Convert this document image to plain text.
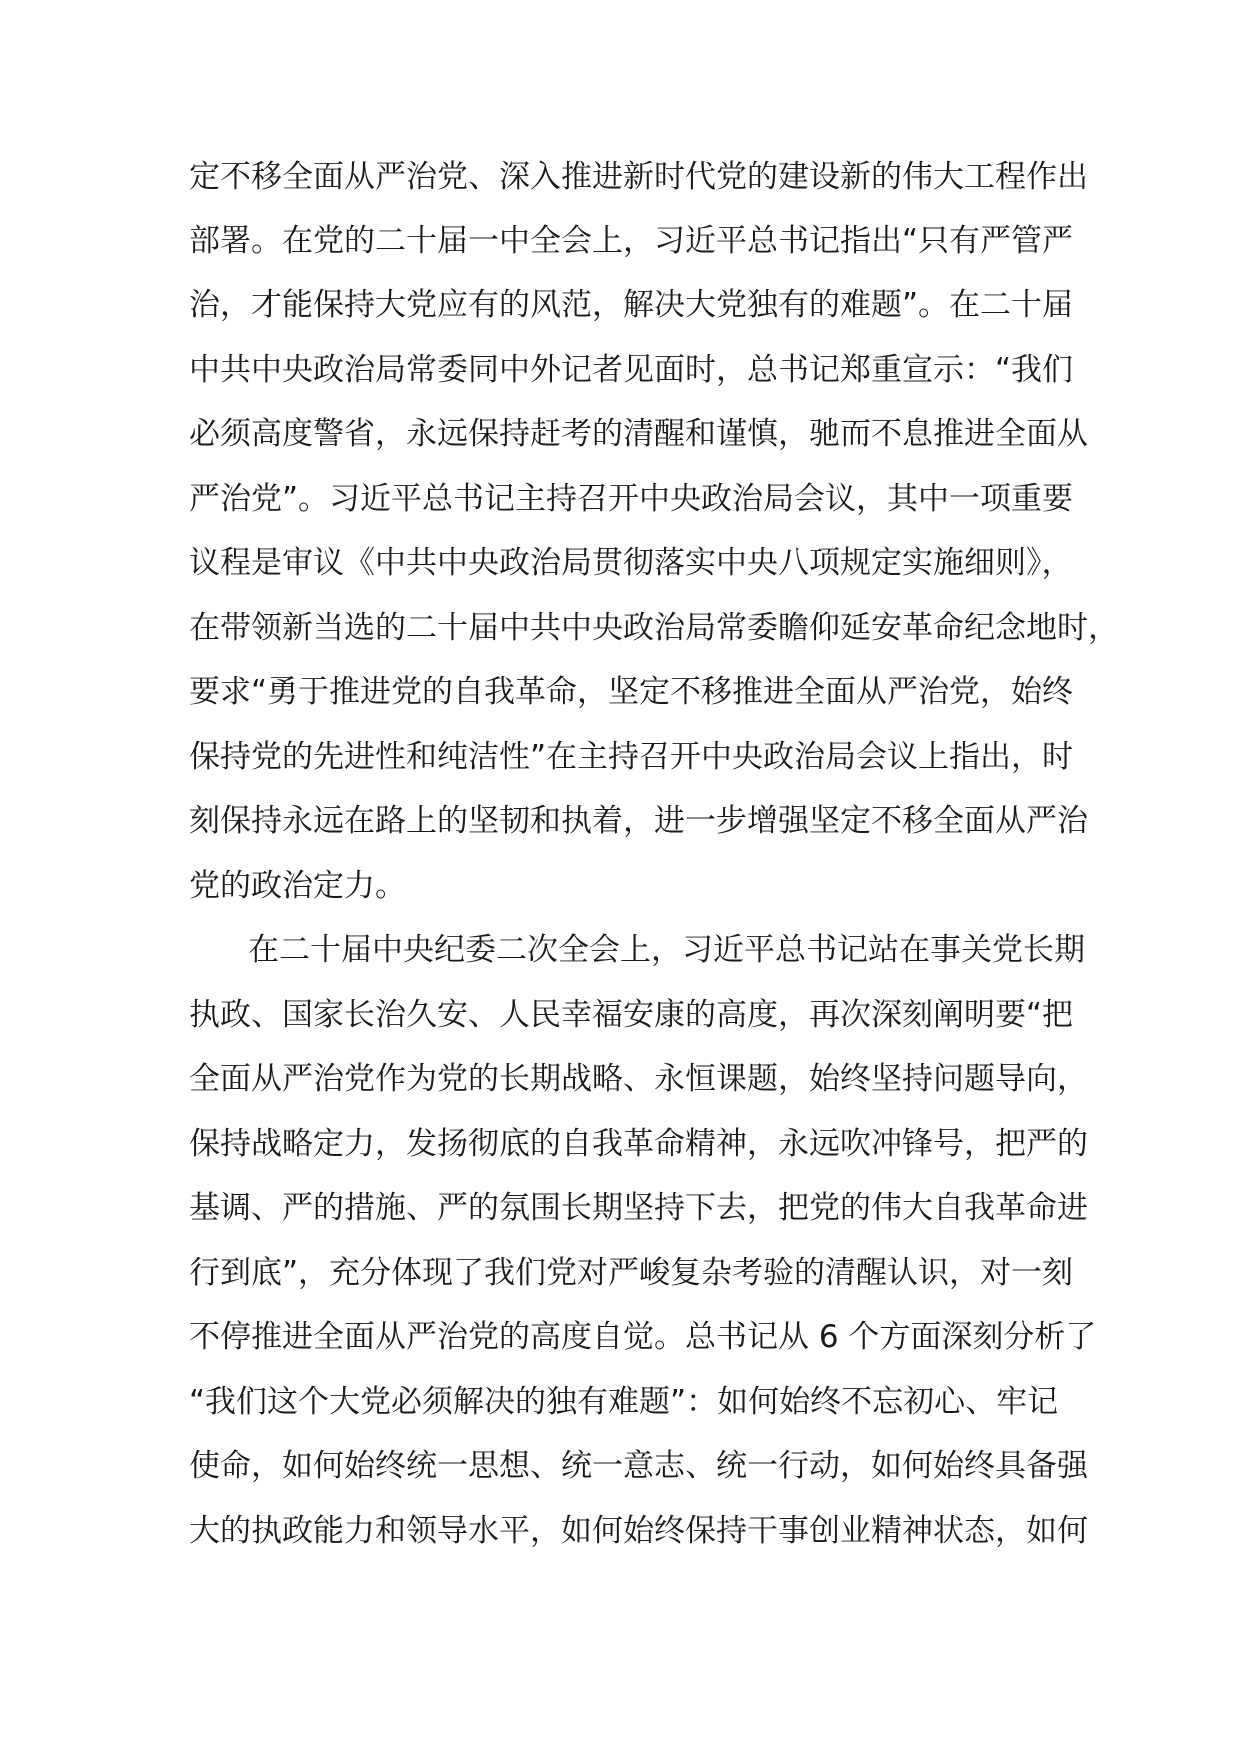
定不移全面从严治党、深入推进新时代党的建设新的伟大工程作出
部署。在党的二十届一中全会上，习近平总书记指出“只有严管严
治，才能保持大党应有的风范，解决大党独有的难题”。在二十届
中共中央政治局常委同中外记者见面时，总书记郑重宣示：“我们
必须高度警省，永远保持赶考的清醒和谨慎，驰而不息推进全面从
严治党”。习近平总书记主持召开中央政治局会议，其中一项重要
议程是审议《中共中央政治局贯彻落实中央八项规定实施细则》，
在带领新当选的二十届中共中央政治局常委瞻仰延安革命纪念地时，
要求“勇于推进党的自我革命，坚定不移推进全面从严治党，始终
保持党的先进性和纯洁性”在主持召开中央政治局会议上指出，时
刻保持永远在路上的坚韧和执着，进一步增强坚定不移全面从严治
党的政治定力。
在二十届中央纪委二次全会上，习近平总书记站在事关党长期
执政、国家长治久安、人民幸福安康的高度，再次深刻阐明要“把
全面从严治党作为党的长期战略、永恒课题，始终坚持问题导向，
保持战略定力，发扬彻底的自我革命精神，永远吹冲锋号，把严的
基调、严的措施、严的氛围长期坚持下去，把党的伟大自我革命进
行到底”，充分体现了我们党对严峻复杂考验的清醒认识，对一刻
不停推进全面从严治党的高度自觉。总书记从 6 个方面深刻分析了
“我们这个大党必须解决的独有难题”：如何始终不忘初心、牢记
使命，如何始终统一思想、统一意志、统一行动，如何始终具备强
大的执政能力和领导水平，如何始终保持干事创业精神状态，如何
